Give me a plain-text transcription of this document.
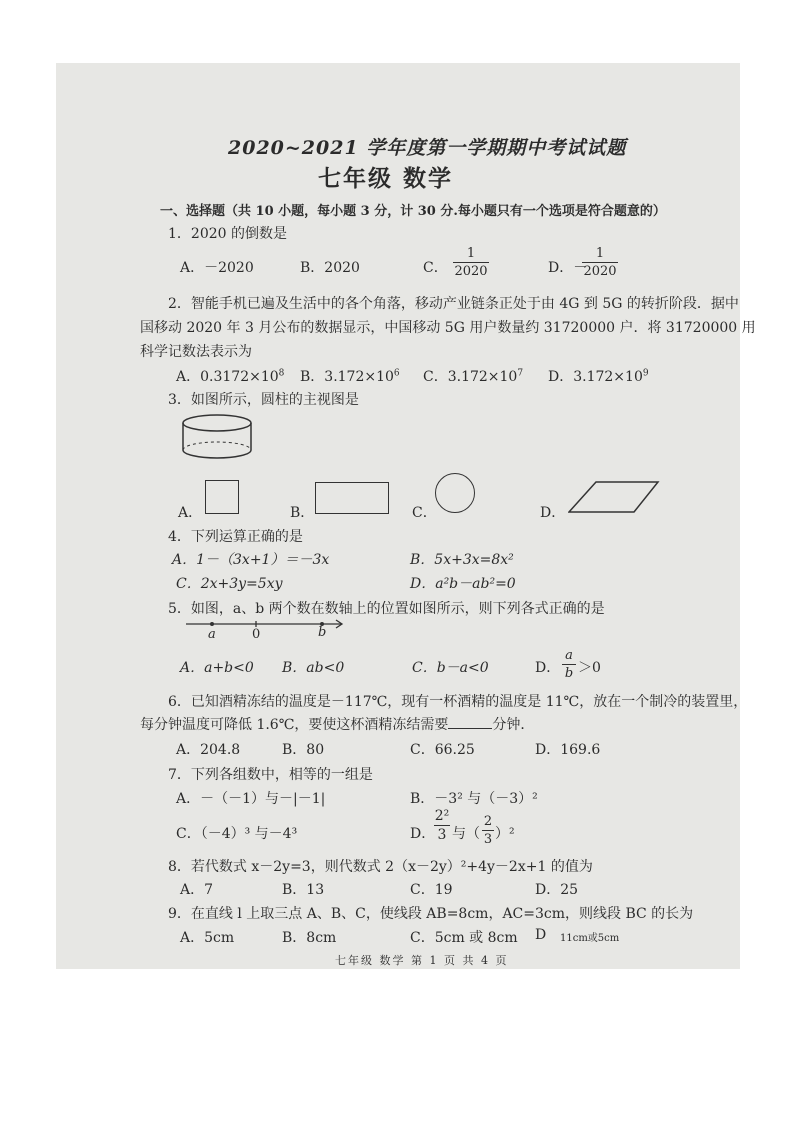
2020~2021 学年度第一学期期中考试试题
七年级 数学
一、选择题（共 10 小题，每小题 3 分，计 30 分.每小题只有一个选项是符合题意的）
1．2020 的倒数是
A．－2020	B．2020	C．
1
2020	D．－
1
2020
2．智能手机已遍及生活中的各个角落，移动产业链条正处于由 4G 到 5G 的转折阶段．据中
国移动 2020 年 3 月公布的数据显示，中国移动 5G 用户数量约 31720000 户．将 31720000 用
科学记数法表示为
A．$0.3172\times 10^8$ B．$3.172\times 10^6$ C．$3.172\times 10^7$ D．$3.172\times 10^9$
3．如图所示，圆柱的主视图是
A．	B．	C．	D．
4．下列运算正确的是
A．1－（3x+1）＝－3x	B．5x+3x=8x²
C．2x+3y=5xy	D．a²b－ab²=0
5．如图，a、b 两个数在数轴上的位置如图所示，则下列各式正确的是
a	0	b
A．a+b<0 B．ab<0	C．b－a<0	D．
a
b ＞0
6．已知酒精冻结的温度是－117℃，现有一杯酒精的温度是 11℃，放在一个制冷的装置里，
每分钟温度可降低 1.6℃，要使这杯酒精冻结需要	分钟．
A．204.8	B．80	C．66.25	D．169.6
7．下列各组数中，相等的一组是
A．－（－1）与－|－1|	B．－3² 与（－3）²
C．（－4）³ 与－4³	D．
2²
3 与（
2
3 ）²
8．若代数式 x－2y=3，则代数式 2（x－2y）²+4y－2x+1 的值为
A．7	B．13	C．19	D．25
9．在直线 l 上取三点 A、B、C，使线段 AB=8cm，AC=3cm，则线段 BC 的长为
A．5cm	B．8cm	C．5cm 或 8cm D 11cm或5cm
七年级 数学 第 1 页 共 4 页
